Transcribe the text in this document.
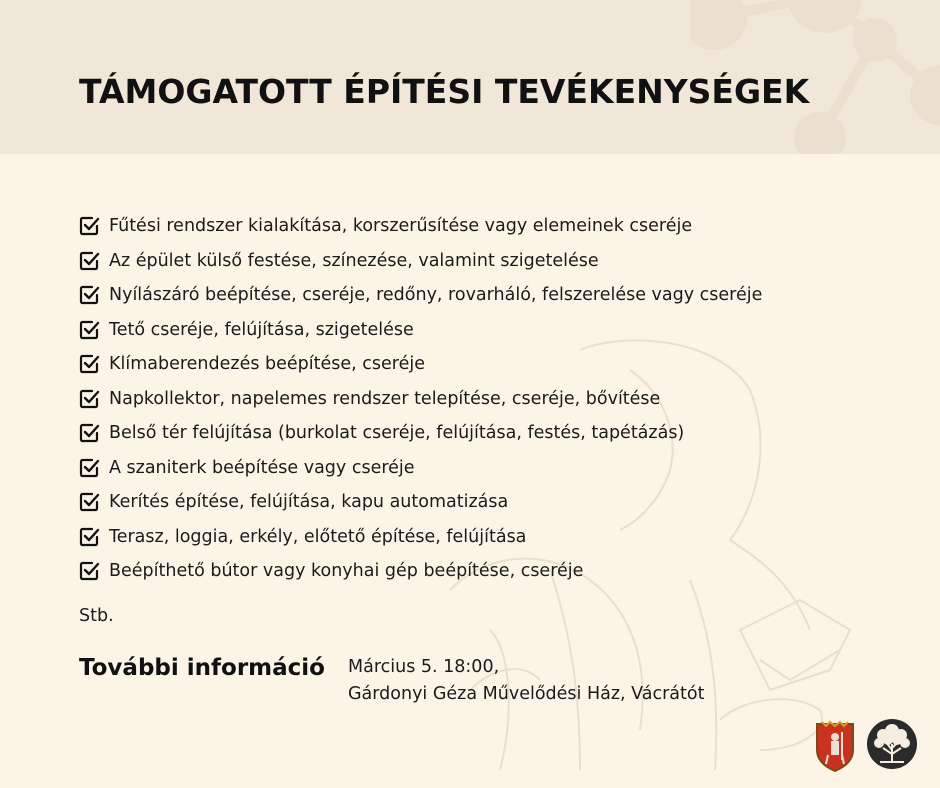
TÁMOGATOTT ÉPÍTÉSI TEVÉKENYSÉGEK
Fűtési rendszer kialakítása, korszerűsítése vagy elemeinek cseréje
Az épület külső festése, színezése, valamint szigetelése
Nyílászáró beépítése, cseréje, redőny, rovarháló, felszerelése vagy cseréje
Tető cseréje, felújítása, szigetelése
Klímaberendezés beépítése, cseréje
Napkollektor, napelemes rendszer telepítése, cseréje, bővítése
Belső tér felújítása (burkolat cseréje, felújítása, festés, tapétázás)
A szaniterk beépítése vagy cseréje
Kerítés építése, felújítása, kapu automatizása
Terasz, loggia, erkély, előtető építése, felújítása
Beépíthető bútor vagy konyhai gép beépítése, cseréje
Stb.
További információ Március 5. 18:00,
Gárdonyi Géza Művelődési Ház, Vácrátót
